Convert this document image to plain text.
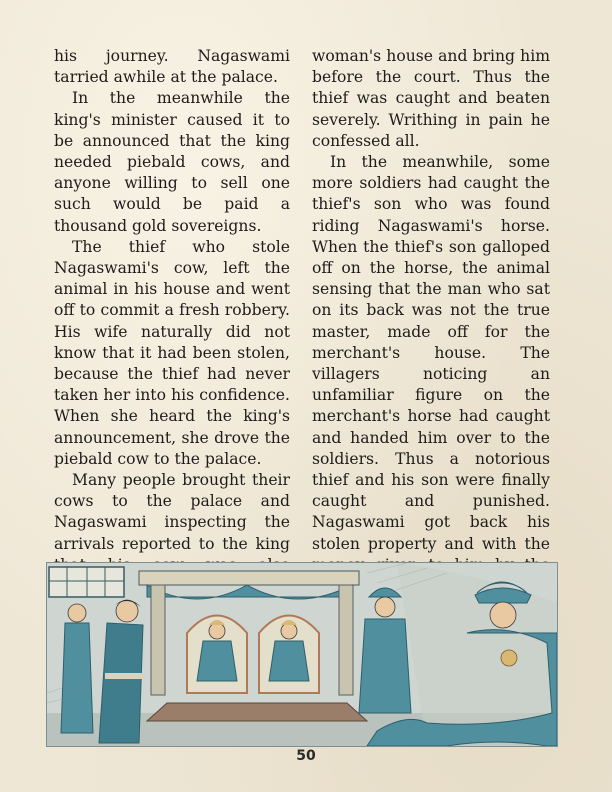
his journey. Nagaswami tarried awhile at the palace.

In the meanwhile the king's minister caused it to be announced that the king needed piebald cows, and anyone willing to sell one such would be paid a thousand gold sovereigns.

The thief who stole Nagaswami's cow, left the animal in his house and went off to commit a fresh robbery. His wife naturally did not know that it had been stolen, because the thief had never taken her into his confidence. When she heard the king's announcement, she drove the piebald cow to the palace.

Many people brought their cows to the palace and Nagaswami inspecting the arrivals reported to the king

woman's house and bring him before the court. Thus the thief was caught and beaten severely. Writhing in pain he confessed all.

In the meanwhile, some more soldiers had caught the thief's son who was found riding Nagaswami's horse. When the thief's son galloped off on the horse, the animal sensing that the man who sat on its back was not the true master, made off for the merchant's house. The villagers noticing an unfamiliar figure on the merchant's horse had caught and handed him over to the soldiers. Thus a notorious thief and his son were finally caught and punished. Nagaswami got back his stolen property and with the

50
